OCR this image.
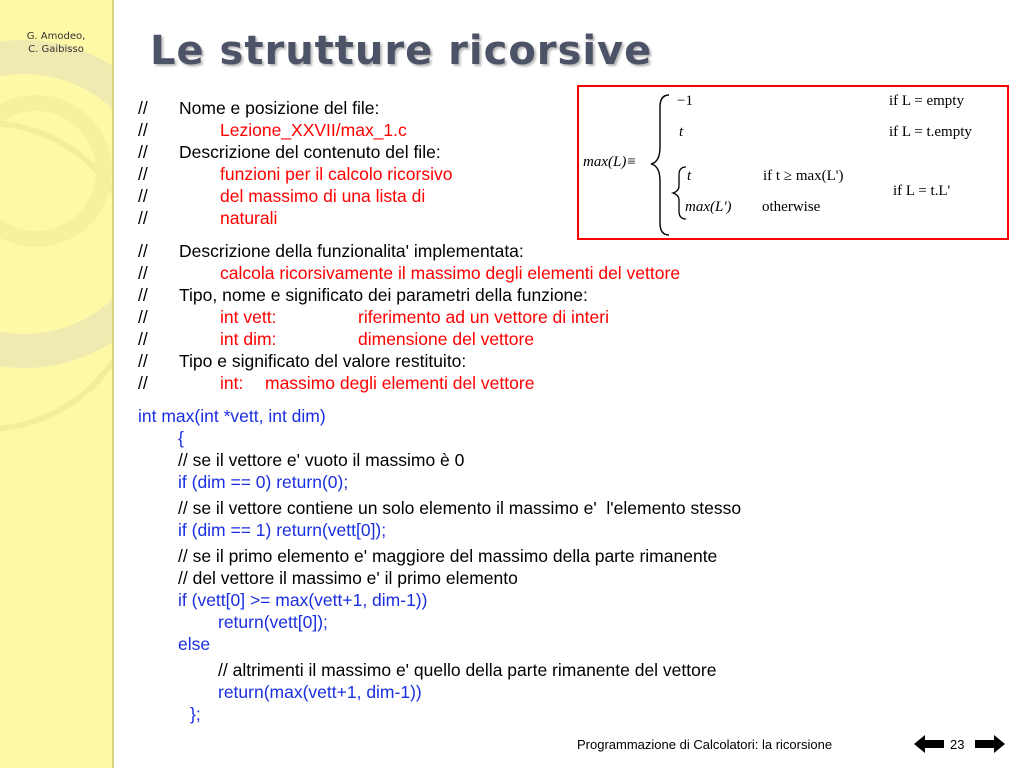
G. Amodeo,
C. Gaibisso	Le strutture ricorsive
// Nome e posizione del file:
//	Lezione_XXVII/max_1.c
// Descrizione del contenuto del file:
//	funzioni per il calcolo ricorsivo
//	del massimo di una lista di
//	naturali
// Descrizione della funzionalita' implementata:
//	calcola ricorsivamente il massimo degli elementi del vettore
// Tipo, nome e significato dei parametri della funzione:
//	int vett:	riferimento ad un vettore di interi
//	int dim:	dimensione del vettore
// Tipo e significato del valore restituito:
//	int: massimo degli elementi del vettore
int max(int *vett, int dim)
{
// se il vettore e' vuoto il massimo è 0
if (dim == 0) return(0);
// se il vettore contiene un solo elemento il massimo e'  l'elemento stesso
if (dim == 1) return(vett[0]);
// se il primo elemento e' maggiore del massimo della parte rimanente
// del vettore il massimo e' il primo elemento
if (vett[0] >= max(vett+1, dim-1))
return(vett[0]);
else
// altrimenti il massimo e' quello della parte rimanente del vettore
return(max(vett+1, dim-1))
};
max(L)≡
−1	if L = empty
t	if L = t.empty
t	if t ≥ max(L')
if L = t.L'
max(L') otherwise
Programmazione di Calcolatori: la ricorsione	23
